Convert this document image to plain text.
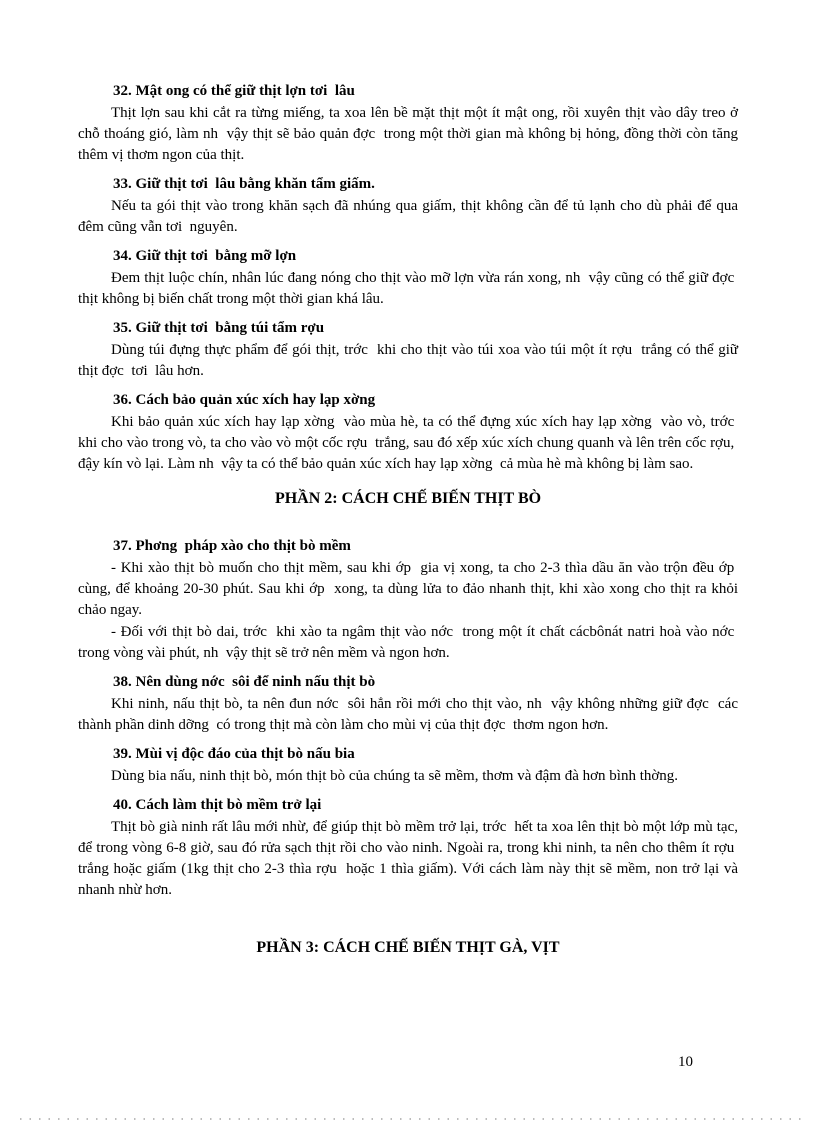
32. Mật ong có thể giữ thịt lợn tơi  lâu

Thịt lợn sau khi cắt ra từng miếng, ta xoa lên bề mặt thịt một ít mật ong, rồi xuyên thịt vào dây treo ở chỗ thoáng gió, làm nh  vậy thịt sẽ bảo quản đợc  trong một thời gian mà không bị hỏng, đồng thời còn tăng thêm vị thơm ngon của thịt.

33. Giữ thịt tơi  lâu bằng khăn tẩm giấm.

Nếu ta gói thịt vào trong khăn sạch đã nhúng qua giấm, thịt không cần để tủ lạnh cho dù phải để qua đêm cũng vẫn tơi  nguyên.

34. Giữ thịt tơi  bằng mỡ lợn

Đem thịt luộc chín, nhân lúc đang nóng cho thịt vào mỡ lợn vừa rán xong, nh  vậy cũng có thể giữ đợc  thịt không bị biến chất trong một thời gian khá lâu.

35. Giữ thịt tơi  bằng túi tẩm rợu

Dùng túi đựng thực phẩm để gói thịt, trớc  khi cho thịt vào túi xoa vào túi một ít rợu  trắng có thể giữ thịt đợc  tơi  lâu hơn.

36. Cách bảo quản xúc xích hay lạp xờng

Khi bảo quản xúc xích hay lạp xờng  vào mùa hè, ta có thể đựng xúc xích hay lạp xờng  vào vò, trớc  khi cho vào trong vò, ta cho vào vò một cốc rợu  trắng, sau đó xếp xúc xích chung quanh và lên trên cốc rợu,  đậy kín vò lại. Làm nh  vậy ta có thể bảo quản xúc xích hay lạp xờng  cả mùa hè mà không bị làm sao.

PHẦN 2: CÁCH CHẾ BIẾN THỊT BÒ

37. Phơng  pháp xào cho thịt bò mềm

- Khi xào thịt bò muốn cho thịt mềm, sau khi ớp  gia vị xong, ta cho 2-3 thìa dầu ăn vào trộn đều ớp  cùng, để khoảng 20-30 phút. Sau khi ớp  xong, ta dùng lửa to đảo nhanh thịt, khi xào xong cho thịt ra khỏi chảo ngay.

- Đối với thịt bò dai, trớc  khi xào ta ngâm thịt vào nớc  trong một ít chất cácbônát natri hoà vào nớc  trong vòng vài phút, nh  vậy thịt sẽ trở nên mềm và ngon hơn.

38. Nên dùng nớc  sôi để ninh nấu thịt bò

Khi ninh, nấu thịt bò, ta nên đun nớc  sôi hẳn rồi mới cho thịt vào, nh  vậy không những giữ đợc  các thành phần dinh dỡng  có trong thịt mà còn làm cho mùi vị của thịt đợc  thơm ngon hơn.

39. Mùi vị độc đáo của thịt bò nấu bia

Dùng bia nấu, ninh thịt bò, món thịt bò của chúng ta sẽ mềm, thơm và đậm đà hơn bình thờng.

40. Cách làm thịt bò mềm trở lại

Thịt bò già ninh rất lâu mới nhừ, để giúp thịt bò mềm trở lại, trớc  hết ta xoa lên thịt bò một lớp mù tạc, để trong vòng 6-8 giờ, sau đó rửa sạch thịt rồi cho vào ninh. Ngoài ra, trong khi ninh, ta nên cho thêm ít rợu  trắng hoặc giấm (1kg thịt cho 2-3 thìa rợu  hoặc 1 thìa giấm). Với cách làm này thịt sẽ mềm, non trở lại và nhanh nhừ hơn.

PHẦN 3: CÁCH CHẾ BIẾN THỊT GÀ, VỊT
10
